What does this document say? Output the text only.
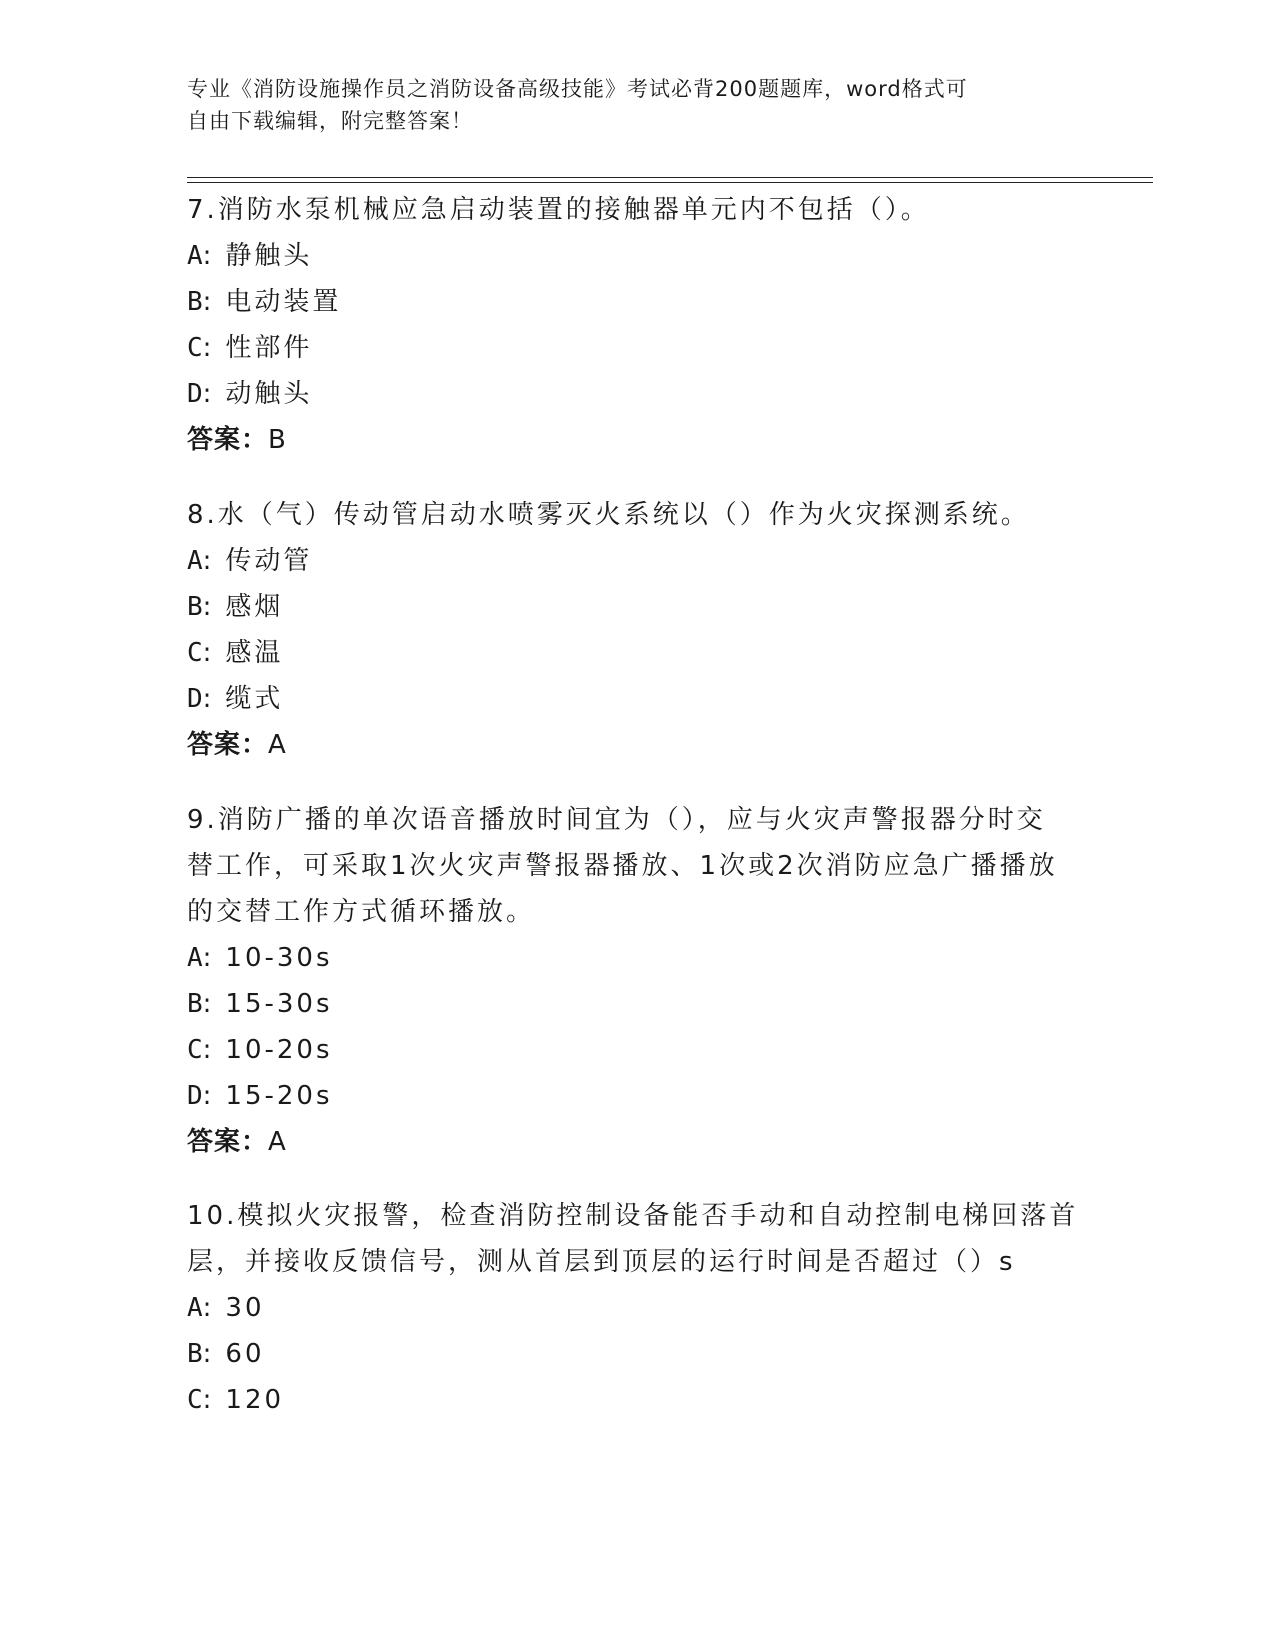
专业《消防设施操作员之消防设备高级技能》考试必背200题题库，word格式可
自由下载编辑，附完整答案！
7.消防水泵机械应急启动装置的接触器单元内不包括（）。
A: 静触头
B: 电动装置
C: 性部件
D: 动触头
答案：B
8.水（气）传动管启动水喷雾灭火系统以（）作为火灾探测系统。
A: 传动管
B: 感烟
C: 感温
D: 缆式
答案：A
9.消防广播的单次语音播放时间宜为（），应与火灾声警报器分时交
替工作，可采取1次火灾声警报器播放、1次或2次消防应急广播播放
的交替工作方式循环播放。
A: 10-30s
B: 15-30s
C: 10-20s
D: 15-20s
答案：A
10.模拟火灾报警，检查消防控制设备能否手动和自动控制电梯回落首
层，并接收反馈信号，测从首层到顶层的运行时间是否超过（）s
A: 30
B: 60
C: 120
